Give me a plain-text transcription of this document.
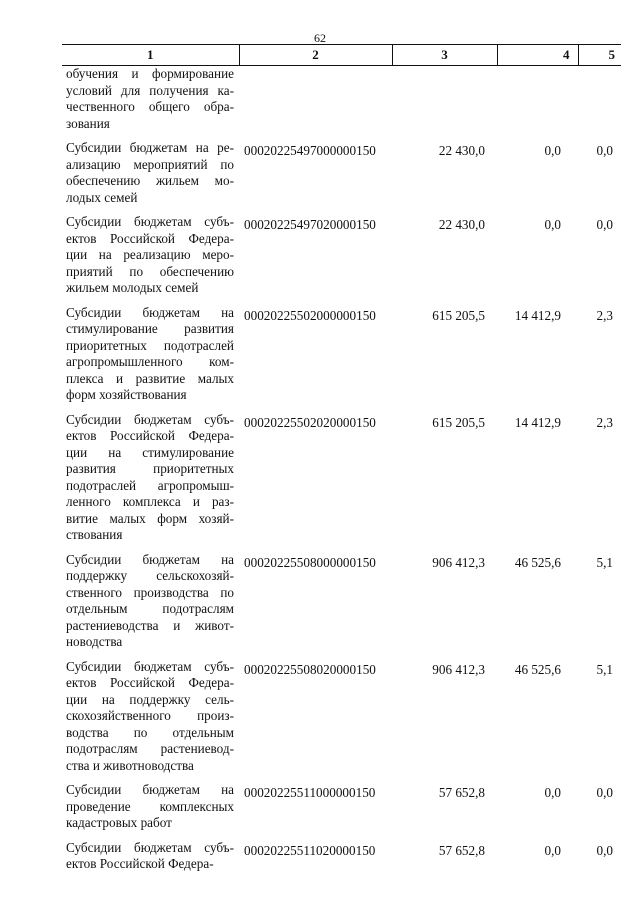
62
1	2	3	4	5
обучения и формирование условий для получения ка-чественного общего обра-зования				
Субсидии бюджетам на ре-ализацию мероприятий по обеспечению жильем мо-лодых семей	00020225497000000150	22 430,0	0,0	0,0
Субсидии бюджетам субъ-ектов Российской Федера-ции на реализацию меро-приятий по обеспечению жильем молодых семей	00020225497020000150	22 430,0	0,0	0,0
Субсидии бюджетам на стимулирование развития приоритетных подотраслей агропромышленного ком-плекса и развитие малых форм хозяйствования	00020225502000000150	615 205,5	14 412,9	2,3
Субсидии бюджетам субъ-ектов Российской Федера-ции на стимулирование развития приоритетных подотраслей агропромыш-ленного комплекса и раз-витие малых форм хозяй-ствования	00020225502020000150	615 205,5	14 412,9	2,3
Субсидии бюджетам на поддержку сельскохозяй-ственного производства по отдельным подотраслям растениеводства и живот-новодства	00020225508000000150	906 412,3	46 525,6	5,1
Субсидии бюджетам субъ-ектов Российской Федера-ции на поддержку сель-скохозяйственного произ-водства по отдельным подотраслям растениевод-ства и животноводства	00020225508020000150	906 412,3	46 525,6	5,1
Субсидии бюджетам на проведение комплексных кадастровых работ	00020225511000000150	57 652,8	0,0	0,0
Субсидии бюджетам субъ-ектов Российской Федера-	00020225511020000150	57 652,8	0,0	0,0
